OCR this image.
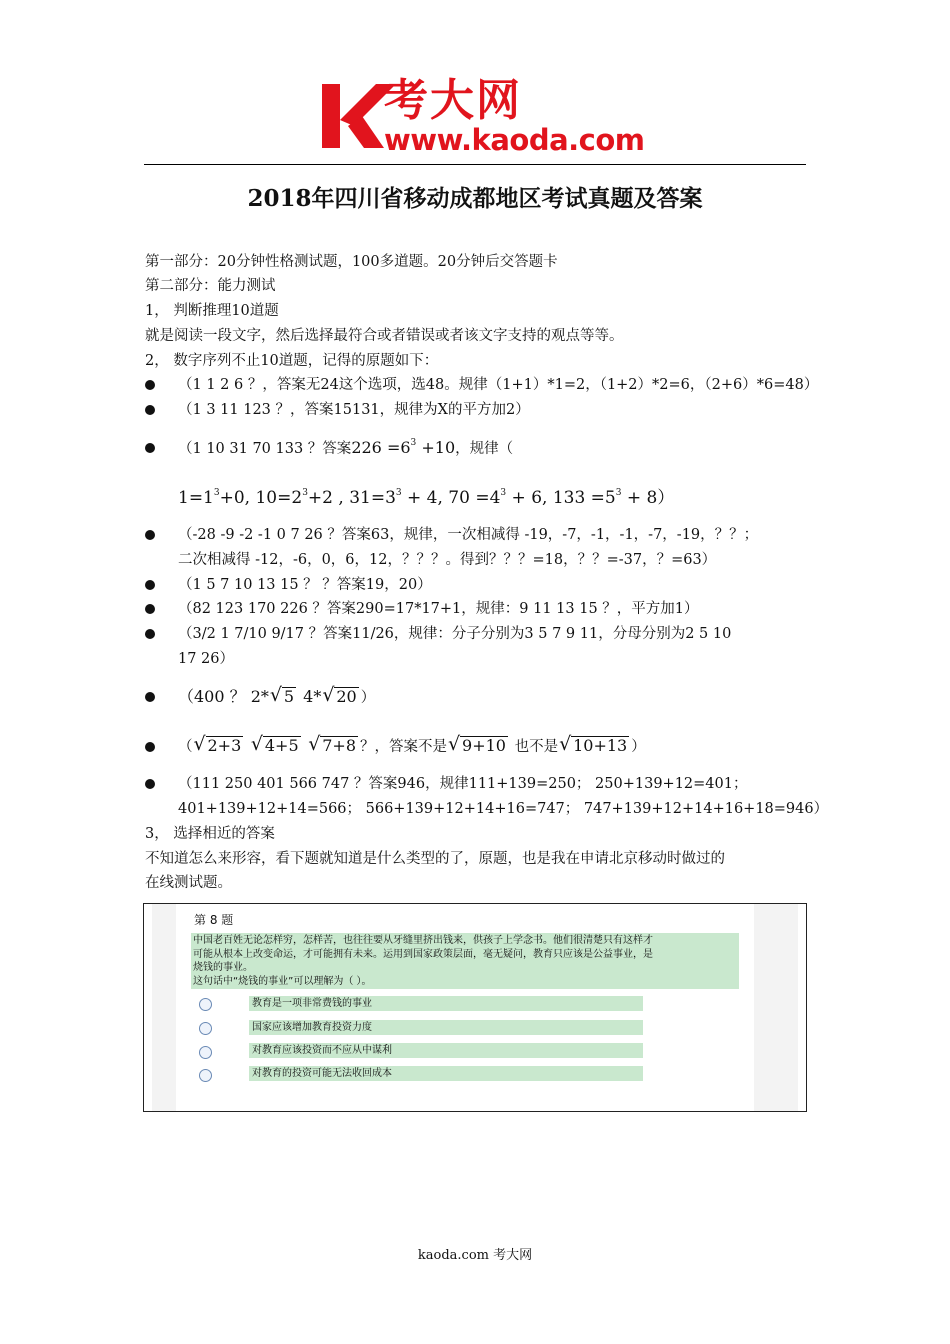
考大网
www.kaoda.com
2018年四川省移动成都地区考试真题及答案
第一部分：20分钟性格测试题，100多道题。20分钟后交答题卡
第二部分：能力测试
1， 判断推理10道题
就是阅读一段文字，然后选择最符合或者错误或者该文字支持的观点等等。
2， 数字序列不止10道题，记得的原题如下：
（1 1 2 6 ？，答案无24这个选项，选48。规律（1+1）*1=2，（1+2）*2=6，（2+6）*6=48）
（1 3 11 123 ？，答案15131，规律为X的平方加2）
（1 10 31 70 133 ？答案$226 =6^3 +10$，规律（
$1=1^3+0$, $10=2^3+2$ , $31=3^3 + 4$, $70 =4^3 + 6$, $133 =5^3 + 8$）
（-28 -9 -2 -1 0 7 26 ？答案63，规律，一次相减得 -19，-7，-1，-1，-7，-19，？？；
二次相减得 -12，-6，0，6，12，？？？。得到？？？=18，？？=-37，？=63）
（1 5 7 10 13 15 ？ ？答案19，20）
（82 123 170 226 ？答案290=17*17+1，规律：9 11 13 15 ？，平方加1）
（3/2 1 7/10 9/17 ？答案11/26，规律：分子分别为3 5 7 9 11，分母分别为2 5 10
17 26）
（400 ？ 2* √ 5 4* √ 20 ）
（ √ 2+3 √ 4+5 √ 7+8 ？，答案不是 √ 9+10 也不是 √ 10+13 ）
（111 250 401 566 747 ？答案946，规律111+139=250； 250+139+12=401；
401+139+12+14=566； 566+139+12+14+16=747； 747+139+12+14+16+18=946）
3， 选择相近的答案
不知道怎么来形容，看下题就知道是什么类型的了，原题，也是我在申请北京移动时做过的
在线测试题。
第 8 题
中国老百姓无论怎样穷，怎样苦，也往往要从牙缝里挤出钱来，供孩子上学念书。他们很清楚只有这样才
可能从根本上改变命运，才可能拥有未来。运用到国家政策层面，毫无疑问，教育只应该是公益事业，是
烧钱的事业。
这句话中“烧钱的事业”可以理解为（ ）。
教育是一项非常费钱的事业
国家应该增加教育投资力度
对教育应该投资而不应从中谋利
对教育的投资可能无法收回成本
kaoda.com 考大网
